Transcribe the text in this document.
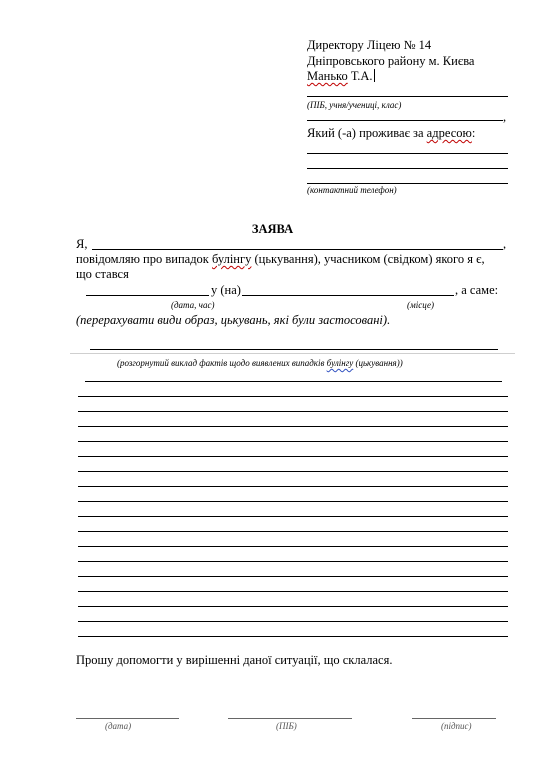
Директору Ліцею № 14
Дніпровського району м. Києва
Манько Т.А.
(ПІБ, учня/учениці, клас)
,
Який (-а) проживає за адресою:
(контактний телефон)
ЗАЯВА
Я,	,
повідомляю про випадок булінгу (цькування), учасником (свідком) якого я є,
що стався
у (на)	, а саме:
(дата, час)	(місце)
(перерахувати види образ, цькувань, які були застосовані).
(розгорнутий виклад фактів щодо виявлених випадків булінгу (цькування))
Прошу допомогти у вирішенні даної ситуації, що склалася.
(дата)	(ПІБ)	(підпис)
